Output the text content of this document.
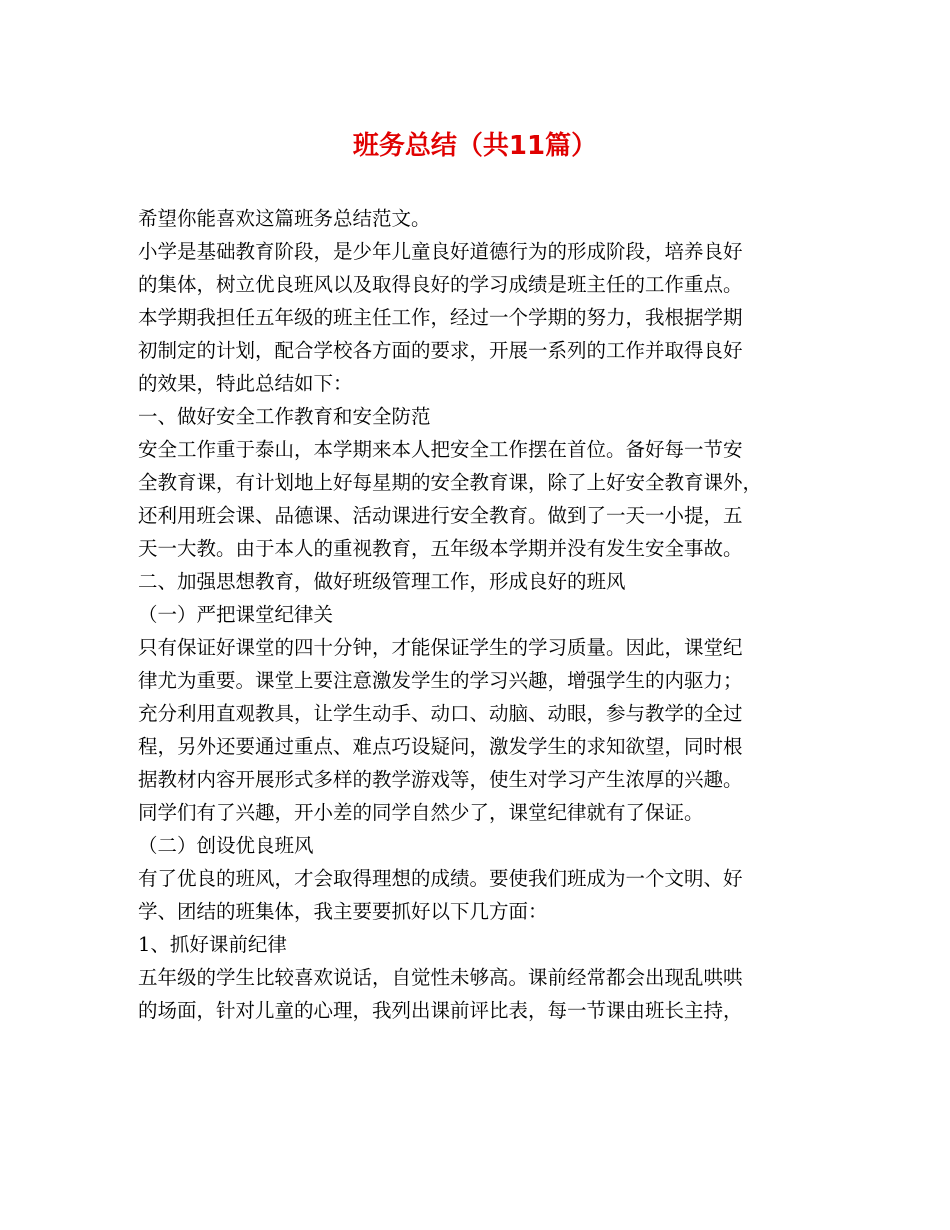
班务总结（共11篇）
希望你能喜欢这篇班务总结范文。
小学是基础教育阶段，是少年儿童良好道德行为的形成阶段，培养良好
的集体，树立优良班风以及取得良好的学习成绩是班主任的工作重点。
本学期我担任五年级的班主任工作，经过一个学期的努力，我根据学期
初制定的计划，配合学校各方面的要求，开展一系列的工作并取得良好
的效果，特此总结如下：
一、做好安全工作教育和安全防范
安全工作重于泰山，本学期来本人把安全工作摆在首位。备好每一节安
全教育课，有计划地上好每星期的安全教育课，除了上好安全教育课外，
还利用班会课、品德课、活动课进行安全教育。做到了一天一小提，五
天一大教。由于本人的重视教育，五年级本学期并没有发生安全事故。
二、加强思想教育，做好班级管理工作，形成良好的班风
（一）严把课堂纪律关
只有保证好课堂的四十分钟，才能保证学生的学习质量。因此，课堂纪
律尤为重要。课堂上要注意激发学生的学习兴趣，增强学生的内驱力；
充分利用直观教具，让学生动手、动口、动脑、动眼，参与教学的全过
程，另外还要通过重点、难点巧设疑问，激发学生的求知欲望，同时根
据教材内容开展形式多样的教学游戏等，使生对学习产生浓厚的兴趣。
同学们有了兴趣，开小差的同学自然少了，课堂纪律就有了保证。
（二）创设优良班风
有了优良的班风，才会取得理想的成绩。要使我们班成为一个文明、好
学、团结的班集体，我主要要抓好以下几方面：
1、抓好课前纪律
五年级的学生比较喜欢说话，自觉性未够高。课前经常都会出现乱哄哄
的场面，针对儿童的心理，我列出课前评比表，每一节课由班长主持，
